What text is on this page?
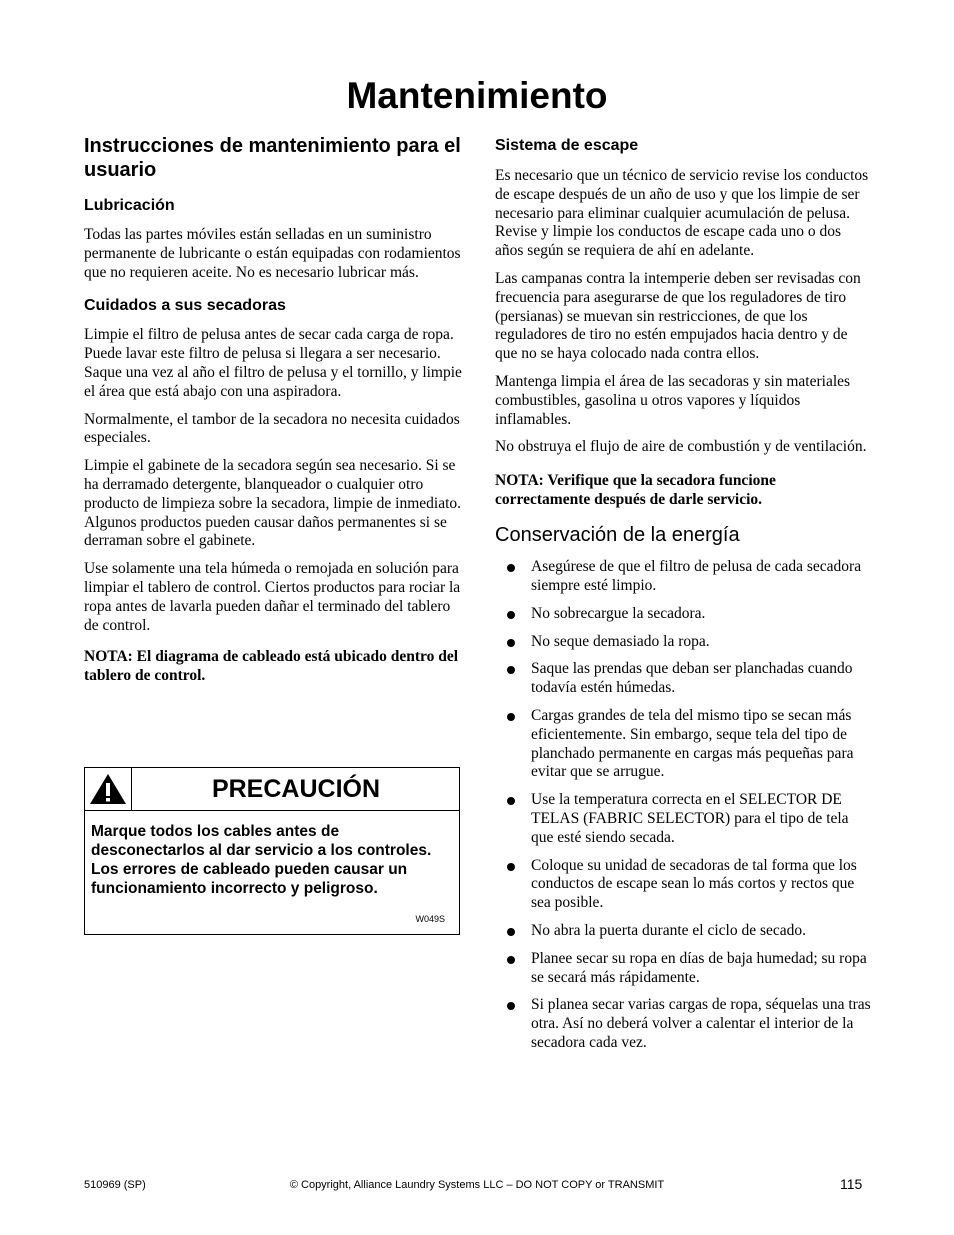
Mantenimiento
Instrucciones de mantenimiento para el usuario
Lubricación

Todas las partes móviles están selladas en un suministro permanente de lubricante o están equipadas con rodamientos que no requieren aceite. No es necesario lubricar más.

Cuidados a sus secadoras

Limpie el filtro de pelusa antes de secar cada carga de ropa. Puede lavar este filtro de pelusa si llegara a ser necesario. Saque una vez al año el filtro de pelusa y el tornillo, y limpie el área que está abajo con una aspiradora.

Normalmente, el tambor de la secadora no necesita cuidados especiales.

Limpie el gabinete de la secadora según sea necesario. Si se ha derramado detergente, blanqueador o cualquier otro producto de limpieza sobre la secadora, limpie de inmediato. Algunos productos pueden causar daños permanentes si se derraman sobre el gabinete.

Use solamente una tela húmeda o remojada en solución para limpiar el tablero de control. Ciertos productos para rociar la ropa antes de lavarla pueden dañar el terminado del tablero de control.

NOTA: El diagrama de cableado está ubicado dentro del tablero de control.

PRECAUCIÓN
Marque todos los cables antes de desconectarlos al dar servicio a los controles. Los errores de cableado pueden causar un funcionamiento incorrecto y peligroso.
W049S
Sistema de escape

Es necesario que un técnico de servicio revise los conductos de escape después de un año de uso y que los limpie de ser necesario para eliminar cualquier acumulación de pelusa. Revise y limpie los conductos de escape cada uno o dos años según se requiera de ahí en adelante.

Las campanas contra la intemperie deben ser revisadas con frecuencia para asegurarse de que los reguladores de tiro (persianas) se muevan sin restricciones, de que los reguladores de tiro no estén empujados hacia dentro y de que no se haya colocado nada contra ellos.

Mantenga limpia el área de las secadoras y sin materiales combustibles, gasolina u otros vapores y líquidos inflamables.

No obstruya el flujo de aire de combustión y de ventilación.

NOTA: Verifique que la secadora funcione correctamente después de darle servicio.

Conservación de la energía
Asegúrese de que el filtro de pelusa de cada secadora siempre esté limpio.
No sobrecargue la secadora.
No seque demasiado la ropa.
Saque las prendas que deban ser planchadas cuando todavía estén húmedas.
Cargas grandes de tela del mismo tipo se secan más eficientemente. Sin embargo, seque tela del tipo de planchado permanente en cargas más pequeñas para evitar que se arrugue.
Use la temperatura correcta en el SELECTOR DE TELAS (FABRIC SELECTOR) para el tipo de tela que esté siendo secada.
Coloque su unidad de secadoras de tal forma que los conductos de escape sean lo más cortos y rectos que sea posible.
No abra la puerta durante el ciclo de secado.
Planee secar su ropa en días de baja humedad; su ropa se secará más rápidamente.
Si planea secar varias cargas de ropa, séquelas una tras otra. Así no deberá volver a calentar el interior de la secadora cada vez.
510969 (SP)	© Copyright, Alliance Laundry Systems LLC – DO NOT COPY or TRANSMIT	115
